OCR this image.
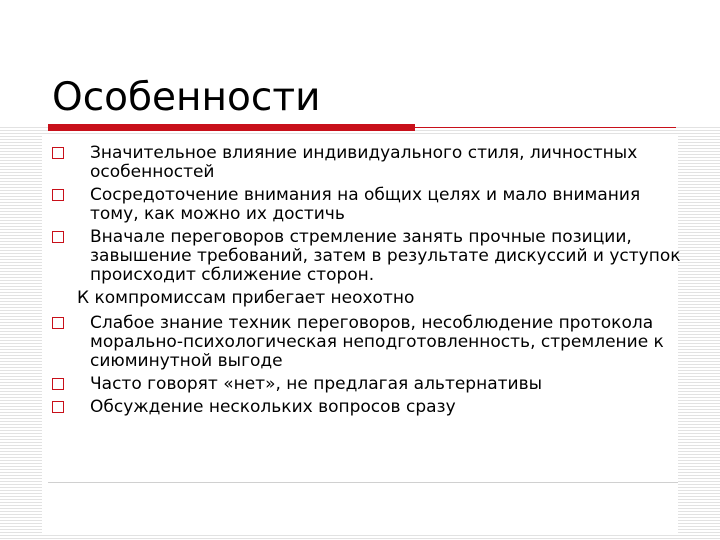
Особенности
Значительное влияние индивидуального стиля, личностных особенностей
Сосредоточение внимания на общих целях и мало внимания тому, как можно их достичь
Вначале переговоров стремление занять прочные позиции, завышение требований, затем в результате дискуссий и уступок происходит сближение сторон.
К компромиссам прибегает неохотно
Слабое знание техник переговоров, несоблюдение протокола морально-психологическая неподготовленность, стремление к сиюминутной выгоде
Часто говорят «нет», не предлагая альтернативы
Обсуждение нескольких вопросов сразу
